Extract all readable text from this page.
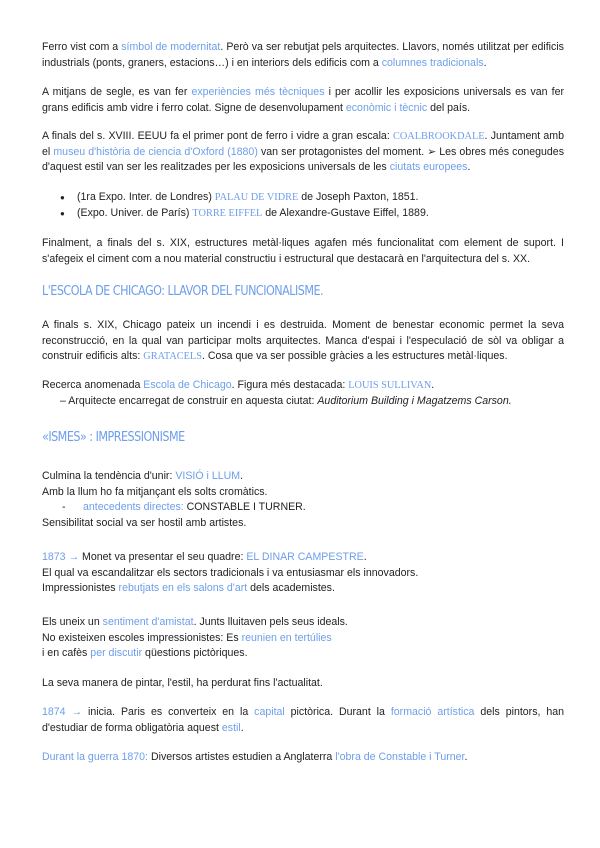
Ferro vist com a símbol de modernitat. Però va ser rebutjat pels arquitectes. Llavors, només utilitzat per edificis industrials (ponts, graners, estacions…) i en interiors dels edificis com a columnes tradicionals.

A mitjans de segle, es van fer experiències més tècniques i per acollir les exposicions universals es van fer grans edificis amb vidre i ferro colat. Signe de desenvolupament econòmic i tècnic del país.

A finals del s. XVIII. EEUU fa el primer pont de ferro i vidre a gran escala: COALBROOKDALE. Juntament amb el museu d'història de ciencia d'Oxford (1880) van ser protagonistes del moment. ➢ Les obres més conegudes d'aquest estil van ser les realitzades per les exposicions universals de les ciutats europees.

● (1ra Expo. Inter. de Londres) PALAU DE VIDRE de Joseph Paxton, 1851.
● (Expo. Univer. de París) TORRE EIFFEL de Alexandre-Gustave Eiffel, 1889.

Finalment, a finals del s. XIX, estructures metàl·liques agafen més funcionalitat com element de suport. I s'afegeix el ciment com a nou material constructiu i estructural que destacarà en l'arquitectura del s. XX.

L'ESCOLA DE CHICAGO: LLAVOR DEL FUNCIONALISME.

A finals s. XIX, Chicago pateix un incendi i es destruida. Moment de benestar economic permet la seva reconstrucció, en la qual van participar molts arquitectes. Manca d'espai i l'especulació de sòl va obligar a construir edificis alts: GRATACELS. Cosa que va ser possible gràcies a les estructures metàl·liques.

Recerca anomenada Escola de Chicago. Figura més destacada: LOUIS SULLIVAN.

– Arquitecte encarregat de construir en aquesta ciutat: Auditorium Building i Magatzems Carson.

«ISMES» : IMPRESSIONISME
Culmina la tendència d'unir: VISIÓ i LLUM.
Amb la llum ho fa mitjançant els solts cromàtics.
- antecedents directes: CONSTABLE I TURNER.
Sensibilitat social va ser hostil amb artistes.
1873 → Monet va presentar el seu quadre: EL DINAR CAMPESTRE.
El qual va escandalitzar els sectors tradicionals i va entusiasmar els innovadors.
Impressionistes rebutjats en els salons d'art dels academistes.
Els uneix un sentiment d'amistat. Junts lluitaven pels seus ideals.
No existeixen escoles impressionistes: Es reunien en tertúlies
i en cafès per discutir qüestions pictòriques.

La seva manera de pintar, l'estil, ha perdurat fins l'actualitat.

1874 → inicia. Paris es converteix en la capital pictòrica. Durant la formació artística dels pintors, han d'estudiar de forma obligatòria aquest estil.

Durant la guerra 1870: Diversos artistes estudien a Anglaterra l'obra de Constable i Turner.
